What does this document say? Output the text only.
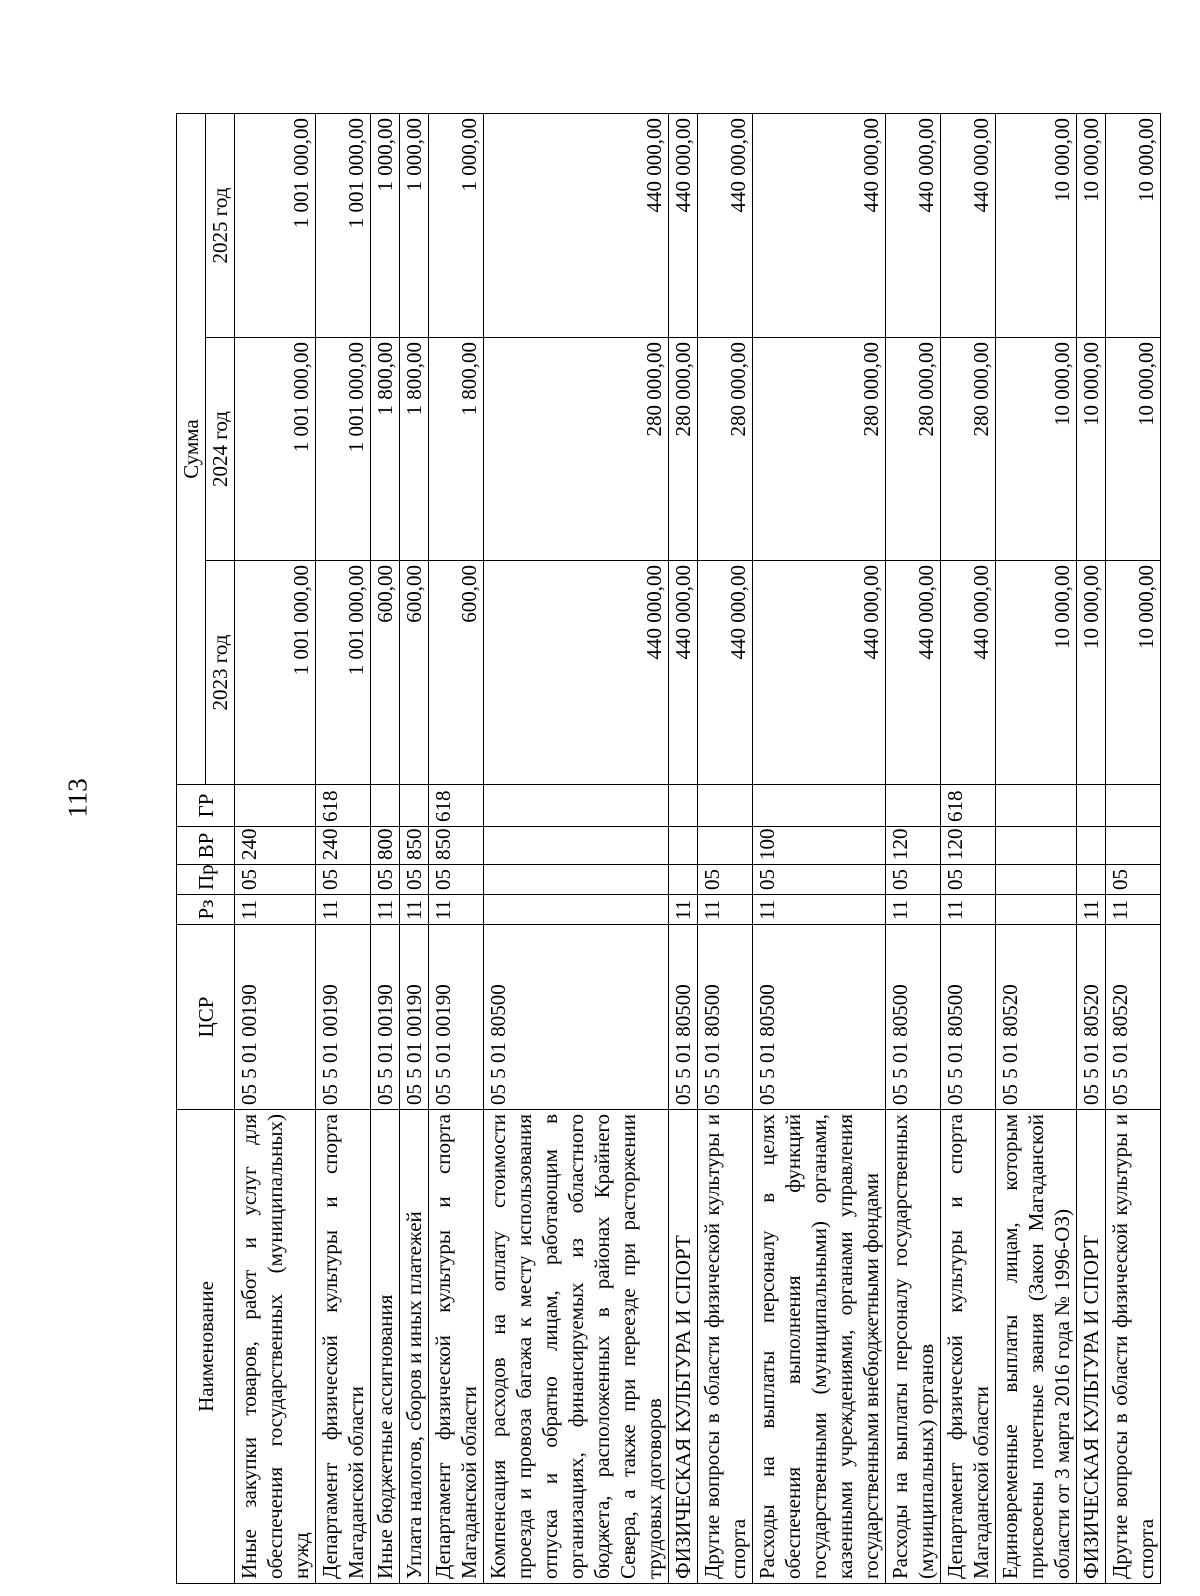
113
Наименование	ЦСР	Рз	Пр	ВР	ГР	Сумма		
						2023 год	2024 год	2025 год
Иные закупки товаров, работ и услуг для обеспечения государственных (муниципальных) нужд	05 5 01 00190	11	05	240		1 001 000,00	1 001 000,00	1 001 000,00
Департамент физической культуры и спорта Магаданской области	05 5 01 00190	11	05	240	618	1 001 000,00	1 001 000,00	1 001 000,00
Иные бюджетные ассигнования	05 5 01 00190	11	05	800		600,00	1 800,00	1 000,00
Уплата налогов, сборов и иных платежей	05 5 01 00190	11	05	850		600,00	1 800,00	1 000,00
Департамент физической культуры и спорта Магаданской области	05 5 01 00190	11	05	850	618	600,00	1 800,00	1 000,00
Компенсация расходов на оплату стоимости проезда и провоза багажа к месту использования отпуска и обратно лицам, работающим в организациях, финансируемых из областного бюджета, расположенных в районах Крайнего Севера, а также при переезде при расторжении трудовых договоров	05 5 01 80500					440 000,00	280 000,00	440 000,00
ФИЗИЧЕСКАЯ КУЛЬТУРА И СПОРТ	05 5 01 80500	11				440 000,00	280 000,00	440 000,00
Другие вопросы в области физической культуры и спорта	05 5 01 80500	11	05			440 000,00	280 000,00	440 000,00
Расходы на выплаты персоналу в целях обеспечения выполнения функций государственными (муниципальными) органами, казенными учреждениями, органами управления государственными внебюджетными фондами	05 5 01 80500	11	05	100		440 000,00	280 000,00	440 000,00
Расходы на выплаты персоналу государственных (муниципальных) органов	05 5 01 80500	11	05	120		440 000,00	280 000,00	440 000,00
Департамент физической культуры и спорта Магаданской области	05 5 01 80500	11	05	120	618	440 000,00	280 000,00	440 000,00
Единовременные выплаты лицам, которым присвоены почетные звания (Закон Магаданской области от 3 марта 2016 года № 1996-ОЗ)	05 5 01 80520					10 000,00	10 000,00	10 000,00
ФИЗИЧЕСКАЯ КУЛЬТУРА И СПОРТ	05 5 01 80520	11				10 000,00	10 000,00	10 000,00
Другие вопросы в области физической культуры и спорта	05 5 01 80520	11	05			10 000,00	10 000,00	10 000,00
